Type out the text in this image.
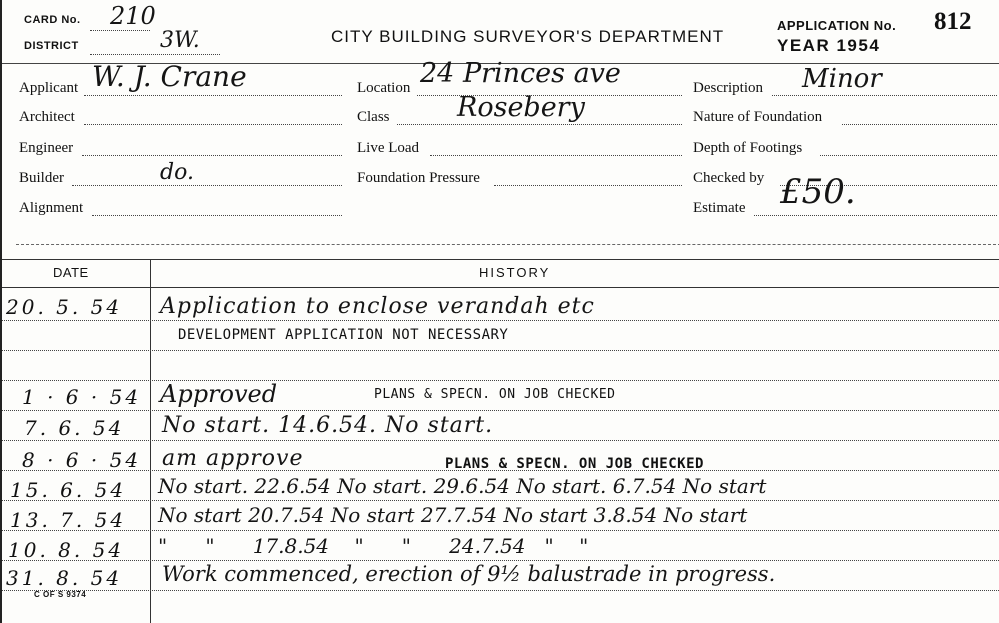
CARD No. 210
DISTRICT	3W.	CITY BUILDING SURVEYOR'S DEPARTMENT
APPLICATION No. 812
YEAR 1954
Applicant W. J. Crane
Architect
Engineer
Builder	do.
Alignment
Location 24 Princes ave
Class Rosebery
Live Load
Foundation Pressure
Description Minor
Nature of Foundation
Depth of Footings
Checked by
Estimate £50.
DATE	HISTORY
20. 5. 54 Application to enclose verandah etc
DEVELOPMENT APPLICATION NOT NECESSARY
1 · 6 · 54 Approved	PLANS & SPECN. ON JOB CHECKED
7. 6. 54 No start. 14.6.54. No start.
8 · 6 · 54 am approve	PLANS & SPECN. ON JOB CHECKED
15. 6. 54 No start. 22.6.54 No start. 29.6.54 No start. 6.7.54 No start
13. 7. 54 No start 20.7.54 No start 27.7.54 No start 3.8.54 No start
10. 8. 54 "      "      17.8.54    "      "      24.7.54   "    "
31. 8. 54 Work commenced, erection of 9½ balustrade in progress.
C OF S 9374
